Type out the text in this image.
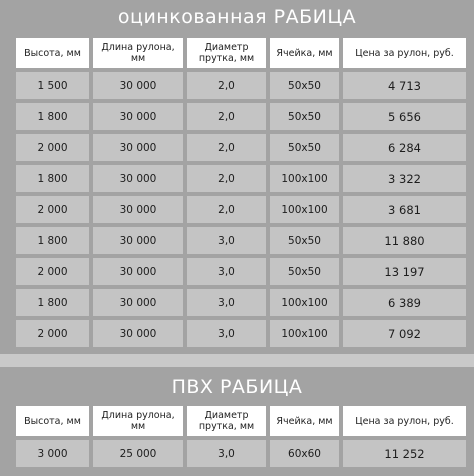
оцинкованная РАБИЦА
Высота, мм	Длина рулона, мм	Диаметр прутка, мм	Ячейка, мм	Цена за рулон, руб.
1 500	30 000	2,0	50х50	4 713
1 800	30 000	2,0	50х50	5 656
2 000	30 000	2,0	50х50	6 284
1 800	30 000	2,0	100х100	3 322
2 000	30 000	2,0	100х100	3 681
1 800	30 000	3,0	50х50	11 880
2 000	30 000	3,0	50х50	13 197
1 800	30 000	3,0	100х100	6 389
2 000	30 000	3,0	100х100	7 092
ПВХ РАБИЦА
Высота, мм	Длина рулона, мм	Диаметр прутка, мм	Ячейка, мм	Цена за рулон, руб.
3 000	25 000	3,0	60х60	11 252
